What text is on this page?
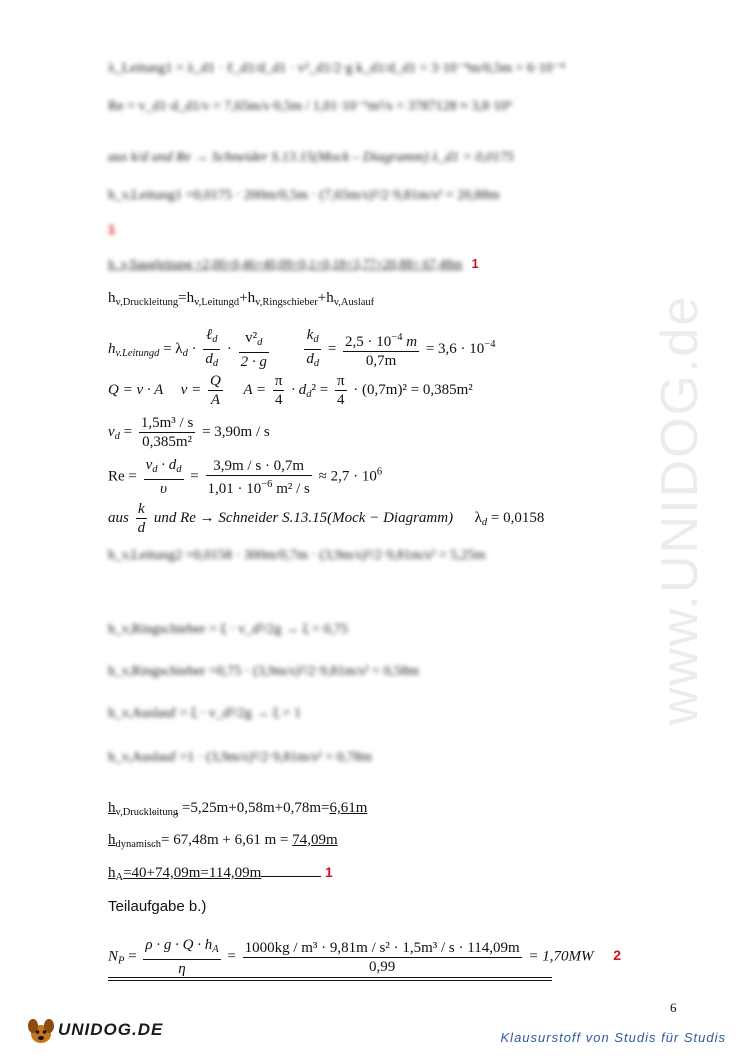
www.UNIDOG.de
λ_Leitung1 = λ_d1 · ℓ_d1/d_d1 · v²_d1/2·g k_d1/d_d1 = 3·10⁻⁴m/0,5m = 6·10⁻⁴
Re = v_d1·d_d1/ν = 7,65m/s·0,5m / 1,01·10⁻⁶m²/s = 3787128 ≈ 3,8·10⁶
aus k/d und Re → Schneider S.13.15(Mock – Diagramm) λ_d1 = 0,0175
h_v,Leitung1 =0,0175 · 200m/0,5m · (7,65m/s)²/2·9,81m/s² = 20,88m
1
h_v,Saugleitung =2,00+0,46+40,09+0,1+0,18+3,77+20,88= 67,48m 1
$h_{v,Druckleitung}=h_{v,Leitungd}+h_{v,Ringschieber}+h_{v,Auslauf}$
$h_{v.Leitungd} = \lambda_d \cdot \frac{\ell_d}{d_d} \cdot \frac{v^2_d}{2 \cdot g}$
$\frac{k_d}{d_d} = \frac{2,5 \cdot 10^{-4} m}{0,7m} = 3,6 \cdot 10^{-4}$
Q = v · A $v = \frac{Q}{A}$ $A = \frac{\pi}{4} \cdot d_d^2 = \frac{\pi}{4} \cdot (0,7m)^2 = 0,385m^2$
$v_d = \frac{\text{1,5m³ / s}}{\text{0,385m²}} = 3,90m / s$
$Re = \frac{v_d \cdot d_d}{\upsilon} = \frac{3,9m / s \cdot 0,7m}{1,01 \cdot 10^{-6} m^2 / s} \approx 2,7 \cdot 10^6$
aus $\frac{k}{d}$ und Re → Schneider S.13.15(Mock − Diagramm) $\lambda_d = 0,0158$
h_v,Leitung2 =0,0158 · 300m/0,7m · (3,9m/s)²/2·9,81m/s² = 5,25m
h_v,Ringschieber = ξ · v_d²/2g → ξ = 0,75
h_v,Ringschieber =0,75 · (3,9m/s)²/2·9,81m/s² = 0,58m
h_v,Auslauf = ξ · v_d²/2g → ξ = 1
h_v,Auslauf =1 · (3,9m/s)²/2·9,81m/s² = 0,78m
$h_{v,Druckleitung} =5,25m+0,58m+0,78m=6,61m$
$h_{dynamisch}= 67,48m + 6,61$ m = 74,09m
$h_A=40+74,09m=114,09m$	1
Teilaufgabe b.)
$N_P = \frac{\rho \cdot g \cdot Q \cdot h_A}{\eta} = \frac{\text{1000kg / m³ · 9,81m / s² · 1,5m³ / s · 114,09m}}{0,99} = 1,70MW$ 2
6
UNIDOG.DE	Klausurstoff von Studis für Studis
